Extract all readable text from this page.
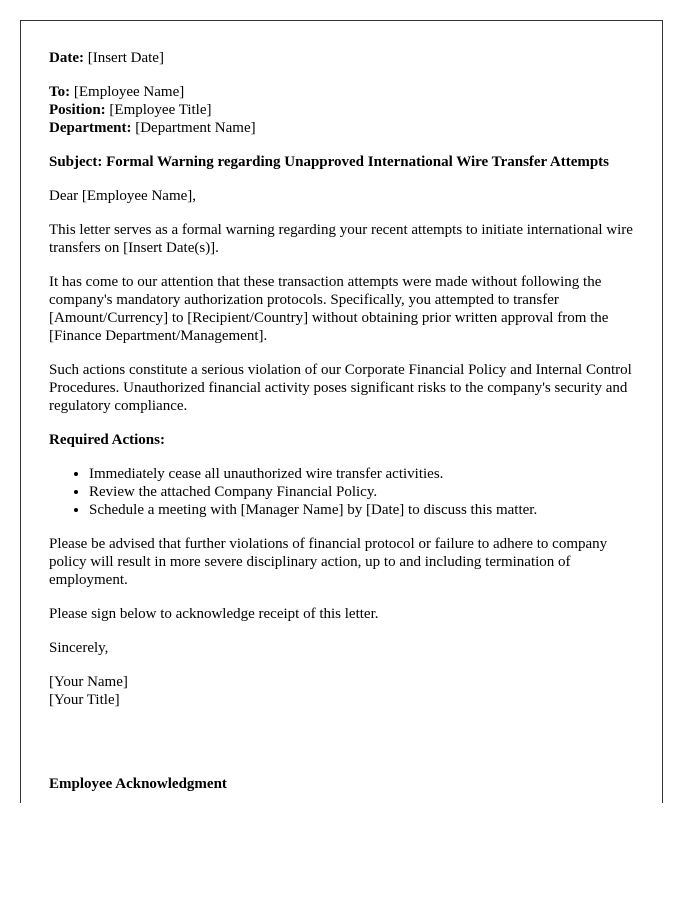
Date: [Insert Date]

To: [Employee Name]
Position: [Employee Title]
Department: [Department Name]

Subject: Formal Warning regarding Unapproved International Wire Transfer Attempts

Dear [Employee Name],

This letter serves as a formal warning regarding your recent attempts to initiate international wire transfers on [Insert Date(s)].

It has come to our attention that these transaction attempts were made without following the company's mandatory authorization protocols. Specifically, you attempted to transfer [Amount/Currency] to [Recipient/Country] without obtaining prior written approval from the [Finance Department/Management].

Such actions constitute a serious violation of our Corporate Financial Policy and Internal Control Procedures. Unauthorized financial activity poses significant risks to the company's security and regulatory compliance.

Required Actions:

• Immediately cease all unauthorized wire transfer activities.
• Review the attached Company Financial Policy.
• Schedule a meeting with [Manager Name] by [Date] to discuss this matter.

Please be advised that further violations of financial protocol or failure to adhere to company policy will result in more severe disciplinary action, up to and including termination of employment.

Please sign below to acknowledge receipt of this letter.

Sincerely,

[Your Name]
[Your Title]

Employee Acknowledgment
